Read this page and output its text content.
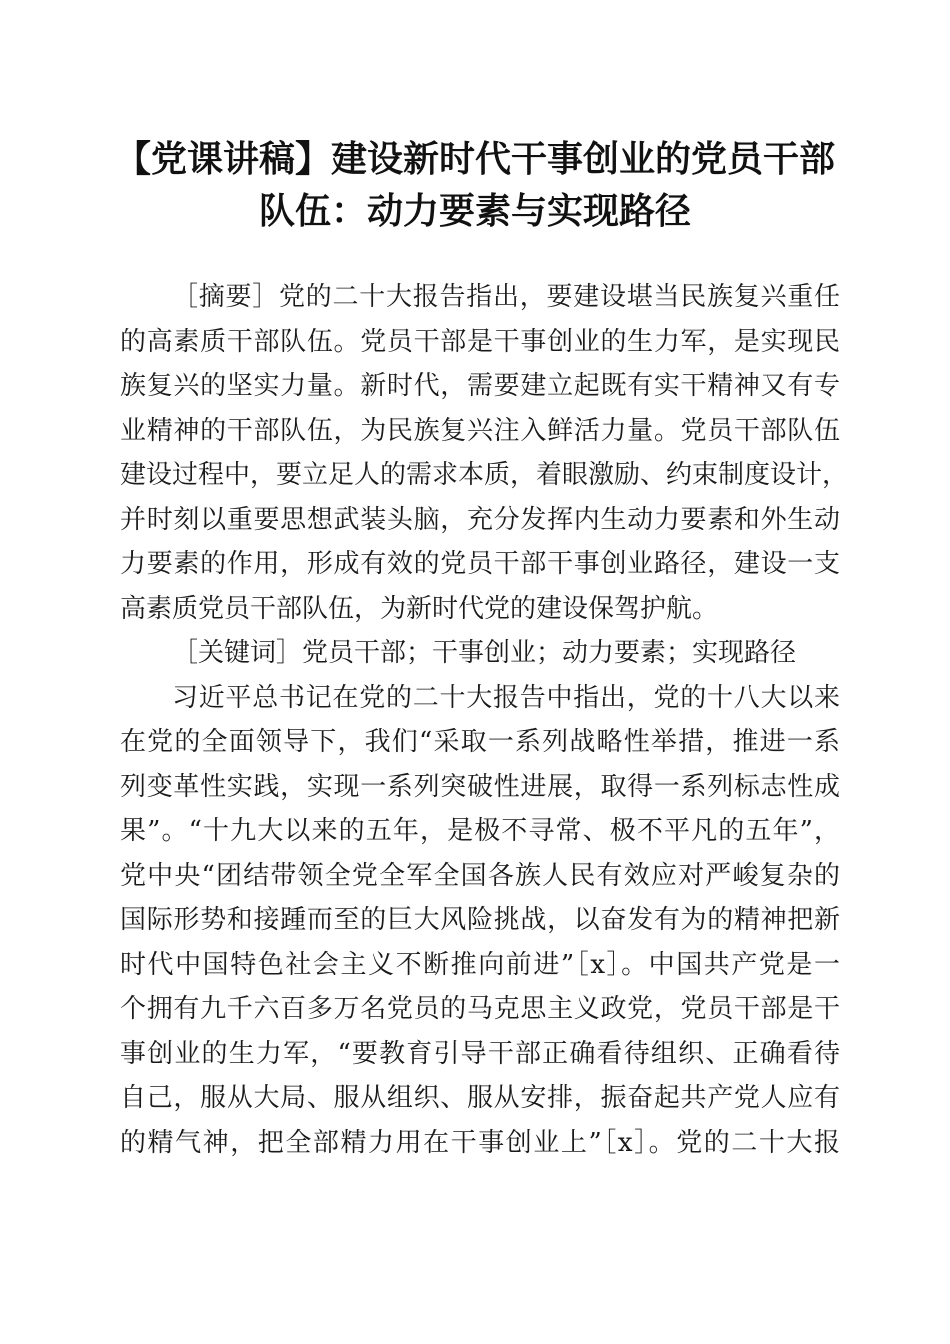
【党课讲稿】建设新时代干事创业的党员干部
队伍：动力要素与实现路径
［摘要］党的二十大报告指出，要建设堪当民族复兴重任
的高素质干部队伍。党员干部是干事创业的生力军，是实现民
族复兴的坚实力量。新时代，需要建立起既有实干精神又有专
业精神的干部队伍，为民族复兴注入鲜活力量。党员干部队伍
建设过程中，要立足人的需求本质，着眼激励、约束制度设计，
并时刻以重要思想武装头脑，充分发挥内生动力要素和外生动
力要素的作用，形成有效的党员干部干事创业路径，建设一支
高素质党员干部队伍，为新时代党的建设保驾护航。
［关键词］党员干部；干事创业；动力要素；实现路径
习近平总书记在党的二十大报告中指出，党的十八大以来
在党的全面领导下，我们“采取一系列战略性举措，推进一系
列变革性实践，实现一系列突破性进展，取得一系列标志性成
果”。“十九大以来的五年，是极不寻常、极不平凡的五年”，
党中央“团结带领全党全军全国各族人民有效应对严峻复杂的
国际形势和接踵而至的巨大风险挑战，以奋发有为的精神把新
时代中国特色社会主义不断推向前进”［x］。中国共产党是一
个拥有九千六百多万名党员的马克思主义政党，党员干部是干
事创业的生力军，“要教育引导干部正确看待组织、正确看待
自己，服从大局、服从组织、服从安排，振奋起共产党人应有
的精气神，把全部精力用在干事创业上”［x］。党的二十大报
